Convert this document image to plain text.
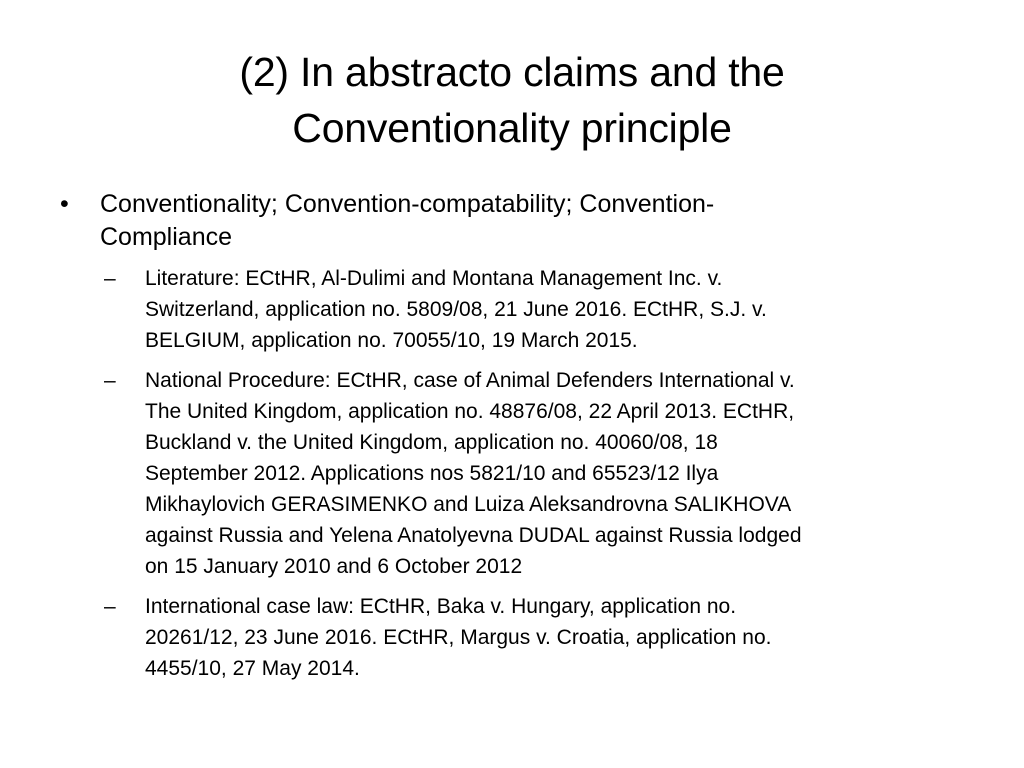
(2) In abstracto claims and the
Conventionality principle
• Conventionality; Convention-compatability; Convention-
Compliance
– Literature: ECtHR, Al-Dulimi and Montana Management Inc. v.
Switzerland, application no. 5809/08, 21 June 2016. ECtHR, S.J. v.
BELGIUM, application no. 70055/10, 19 March 2015.
– National Procedure: ECtHR, case of Animal Defenders International v.
The United Kingdom, application no. 48876/08, 22 April 2013. ECtHR,
Buckland v. the United Kingdom, application no. 40060/08, 18
September 2012. Applications nos 5821/10 and 65523/12 Ilya
Mikhaylovich GERASIMENKO and Luiza Aleksandrovna SALIKHOVA
against Russia and Yelena Anatolyevna DUDAL against Russia lodged
on 15 January 2010 and 6 October 2012
– International case law: ECtHR, Baka v. Hungary, application no.
20261/12, 23 June 2016. ECtHR, Margus v. Croatia, application no.
4455/10, 27 May 2014.
